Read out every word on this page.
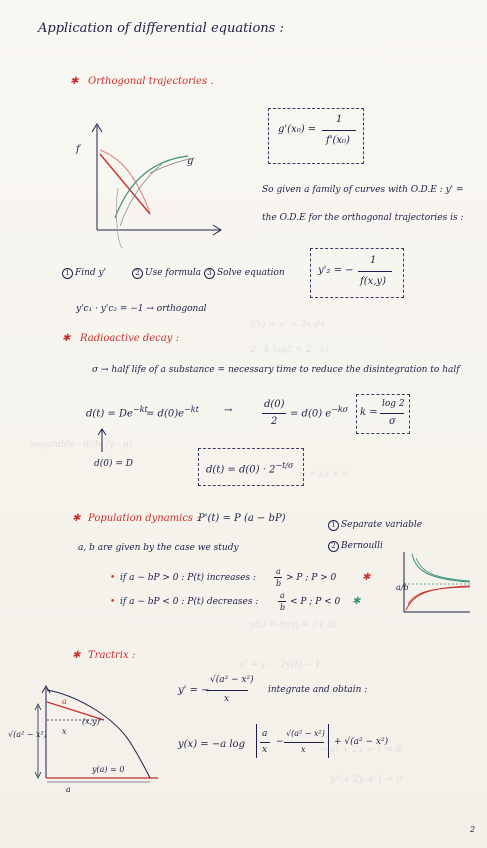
f(x) = x² + 2x dx
2 · k log2 = 2 · kt
separable · d/dx (y · μ)
y = λx + b
y(t) = ln|y| = ∫ c dt
x' = y ... 2y(t) − 1
− x² + 2x + 1 = 0
y'' + 2y + 1 = 0
Application of differential equations :
✱ Orthogonal trajectories .
g'(x₀) =
1
f'(x₀)
f
g
So given a family of curves with O.D.E : y' =
the O.D.E for the orthogonal trajectories is :
1 Find y'	2 Use formula 3 Solve equation	y'₂ = −
1
f(x,y)
y'c₁ · y'c₂ = −1 → orthogonal
✱ Radioactive decay :
σ → half life of a substance = necessary time to reduce the disintegration to half
$d(t) = De^{-kt}$
= $d(0)e^{-kt}$	→
d(0)
2
= d(0) $e^{-k\sigma}$ k =
log 2
σ
d(0) = D
$d(t) = d(0) \cdot 2^{-t/\sigma}$
✱ Population dynamics :
P'(t) = P (a − bP)
1 Separate variable
2 Bernoulli
a, b are given by the case we study
• if a − bP > 0 : P(t) increases :
a
b
> P ; P > 0	✱
• if a − bP < 0 : P(t) decreases :
a
b
< P ; P < 0 ✱
a/b
✱ Tractrix :
y' = −
√(a² − x²)
x
integrate and obtain :
y(x) = −a log
a
x
−
√(a² − x²)
x
+ √(a² − x²)
√(a² − x²)
a
x
(x,y)
y(a) = 0
a
2
